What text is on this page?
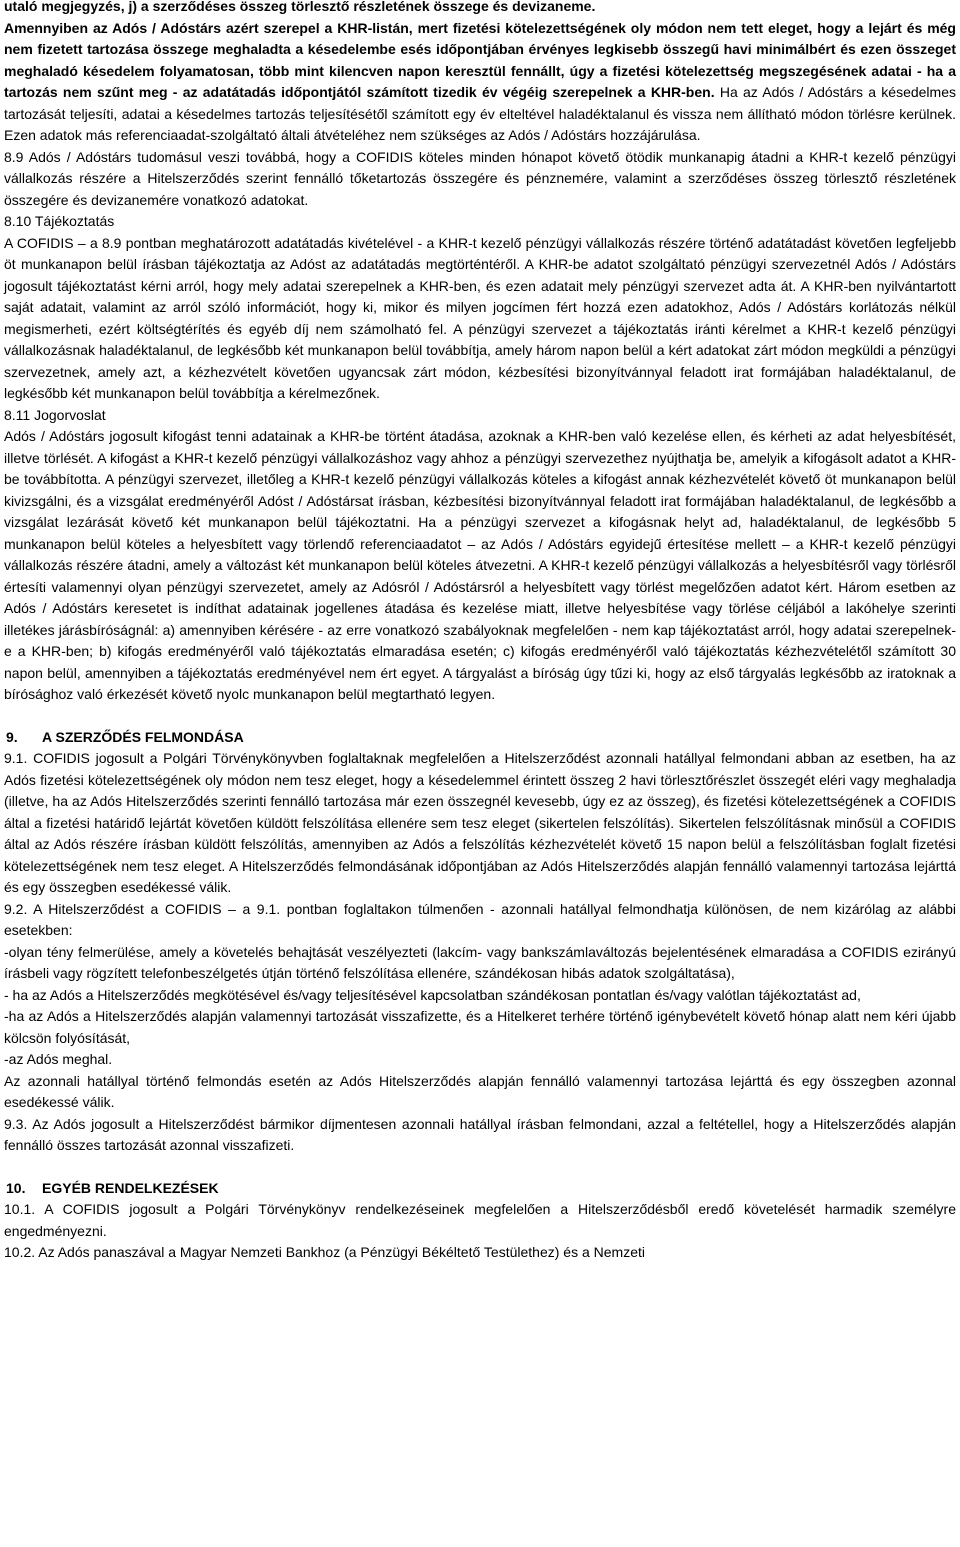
utaló megjegyzés, j) a szerződéses összeg törlesztő részletének összege és devizaneme.

Amennyiben az Adós / Adóstárs azért szerepel a KHR-listán, mert fizetési kötelezettségének oly módon nem tett eleget, hogy a lejárt és még nem fizetett tartozása összege meghaladta a késedelembe esés időpontjában érvényes legkisebb összegű havi minimálbért és ezen összeget meghaladó késedelem folyamatosan, több mint kilencven napon keresztül fennállt, úgy a fizetési kötelezettség megszegésének adatai - ha a tartozás nem szűnt meg - az adatátadás időpontjától számított tizedik év végéig szerepelnek a KHR-ben. Ha az Adós / Adóstárs a késedelmes tartozását teljesíti, adatai a késedelmes tartozás teljesítésétől számított egy év elteltével haladéktalanul és vissza nem állítható módon törlésre kerülnek. Ezen adatok más referenciaadat-szolgáltató általi átvételéhez nem szükséges az Adós / Adóstárs hozzájárulása.

8.9 Adós / Adóstárs tudomásul veszi továbbá, hogy a COFIDIS köteles minden hónapot követő ötödik munkanapig átadni a KHR-t kezelő pénzügyi vállalkozás részére a Hitelszerződés szerint fennálló tőketartozás összegére és pénznemére, valamint a szerződéses összeg törlesztő részletének összegére és devizanemére vonatkozó adatokat.

8.10 Tájékoztatás

A COFIDIS – a 8.9 pontban meghatározott adatátadás kivételével - a KHR-t kezelő pénzügyi vállalkozás részére történő adatátadást követően legfeljebb öt munkanapon belül írásban tájékoztatja az Adóst az adatátadás megtörténtéről. A KHR-be adatot szolgáltató pénzügyi szervezetnél Adós / Adóstárs jogosult tájékoztatást kérni arról, hogy mely adatai szerepelnek a KHR-ben, és ezen adatait mely pénzügyi szervezet adta át. A KHR-ben nyilvántartott saját adatait, valamint az arról szóló információt, hogy ki, mikor és milyen jogcímen fért hozzá ezen adatokhoz, Adós / Adóstárs korlátozás nélkül megismerheti, ezért költségtérítés és egyéb díj nem számolható fel. A pénzügyi szervezet a tájékoztatás iránti kérelmet a KHR-t kezelő pénzügyi vállalkozásnak haladéktalanul, de legkésőbb két munkanapon belül továbbítja, amely három napon belül a kért adatokat zárt módon megküldi a pénzügyi szervezetnek, amely azt, a kézhezvételt követően ugyancsak zárt módon, kézbesítési bizonyítvánnyal feladott irat formájában haladéktalanul, de legkésőbb két munkanapon belül továbbítja a kérelmezőnek.

8.11 Jogorvoslat

Adós / Adóstárs jogosult kifogást tenni adatainak a KHR-be történt átadása, azoknak a KHR-ben való kezelése ellen, és kérheti az adat helyesbítését, illetve törlését. A kifogást a KHR-t kezelő pénzügyi vállalkozáshoz vagy ahhoz a pénzügyi szervezethez nyújthatja be, amelyik a kifogásolt adatot a KHR-be továbbította. A pénzügyi szervezet, illetőleg a KHR-t kezelő pénzügyi vállalkozás köteles a kifogást annak kézhezvételét követő öt munkanapon belül kivizsgálni, és a vizsgálat eredményéről Adóst / Adóstársat írásban, kézbesítési bizonyítvánnyal feladott irat formájában haladéktalanul, de legkésőbb a vizsgálat lezárását követő két munkanapon belül tájékoztatni. Ha a pénzügyi szervezet a kifogásnak helyt ad, haladéktalanul, de legkésőbb 5 munkanapon belül köteles a helyesbített vagy törlendő referenciaadatot – az Adós / Adóstárs egyidejű értesítése mellett – a KHR-t kezelő pénzügyi vállalkozás részére átadni, amely a változást két munkanapon belül köteles átvezetni. A KHR-t kezelő pénzügyi vállalkozás a helyesbítésről vagy törlésről értesíti valamennyi olyan pénzügyi szervezetet, amely az Adósról / Adóstársról a helyesbített vagy törlést megelőzően adatot kért. Három esetben az Adós / Adóstárs keresetet is indíthat adatainak jogellenes átadása és kezelése miatt, illetve helyesbítése vagy törlése céljából a lakóhelye szerinti illetékes járásbíróságnál: a) amennyiben kérésére - az erre vonatkozó szabályoknak megfelelően - nem kap tájékoztatást arról, hogy adatai szerepelnek-e a KHR-ben; b) kifogás eredményéről való tájékoztatás elmaradása esetén; c) kifogás eredményéről való tájékoztatás kézhezvételétől számított 30 napon belül, amennyiben a tájékoztatás eredményével nem ért egyet. A tárgyalást a bíróság úgy tűzi ki, hogy az első tárgyalás legkésőbb az iratoknak a bírósághoz való érkezését követő nyolc munkanapon belül megtartható legyen.

9. A SZERZŐDÉS FELMONDÁSA

9.1. COFIDIS jogosult a Polgári Törvénykönyvben foglaltaknak megfelelően a Hitelszerződést azonnali hatállyal felmondani abban az esetben, ha az Adós fizetési kötelezettségének oly módon nem tesz eleget, hogy a késedelemmel érintett összeg 2 havi törlesztőrészlet összegét eléri vagy meghaladja (illetve, ha az Adós Hitelszerződés szerinti fennálló tartozása már ezen összegnél kevesebb, úgy ez az összeg), és fizetési kötelezettségének a COFIDIS által a fizetési határidő lejártát követően küldött felszólítása ellenére sem tesz eleget (sikertelen felszólítás). Sikertelen felszólításnak minősül a COFIDIS által az Adós részére írásban küldött felszólítás, amennyiben az Adós a felszólítás kézhezvételét követő 15 napon belül a felszólításban foglalt fizetési kötelezettségének nem tesz eleget. A Hitelszerződés felmondásának időpontjában az Adós Hitelszerződés alapján fennálló valamennyi tartozása lejárttá és egy összegben esedékessé válik.

9.2. A Hitelszerződést a COFIDIS – a 9.1. pontban foglaltakon túlmenően - azonnali hatállyal felmondhatja különösen, de nem kizárólag az alábbi esetekben:

-olyan tény felmerülése, amely a követelés behajtását veszélyezteti (lakcím- vagy bankszámlaváltozás bejelentésének elmaradása a COFIDIS ezirányú írásbeli vagy rögzített telefonbeszélgetés útján történő felszólítása ellenére, szándékosan hibás adatok szolgáltatása),

- ha az Adós a Hitelszerződés megkötésével és/vagy teljesítésével kapcsolatban szándékosan pontatlan és/vagy valótlan tájékoztatást ad,

-ha az Adós a Hitelszerződés alapján valamennyi tartozását visszafizette, és a Hitelkeret terhére történő igénybevételt követő hónap alatt nem kéri újabb kölcsön folyósítását,

-az Adós meghal.

Az azonnali hatállyal történő felmondás esetén az Adós Hitelszerződés alapján fennálló valamennyi tartozása lejárttá és egy összegben azonnal esedékessé válik.

9.3. Az Adós jogosult a Hitelszerződést bármikor díjmentesen azonnali hatállyal írásban felmondani, azzal a feltétellel, hogy a Hitelszerződés alapján fennálló összes tartozását azonnal visszafizeti.

10. EGYÉB RENDELKEZÉSEK

10.1. A COFIDIS jogosult a Polgári Törvénykönyv rendelkezéseinek megfelelően a Hitelszerződésből eredő követelését harmadik személyre engedményezni.

10.2. Az Adós panaszával a Magyar Nemzeti Bankhoz (a Pénzügyi Békéltető Testülethez) és a Nemzeti
